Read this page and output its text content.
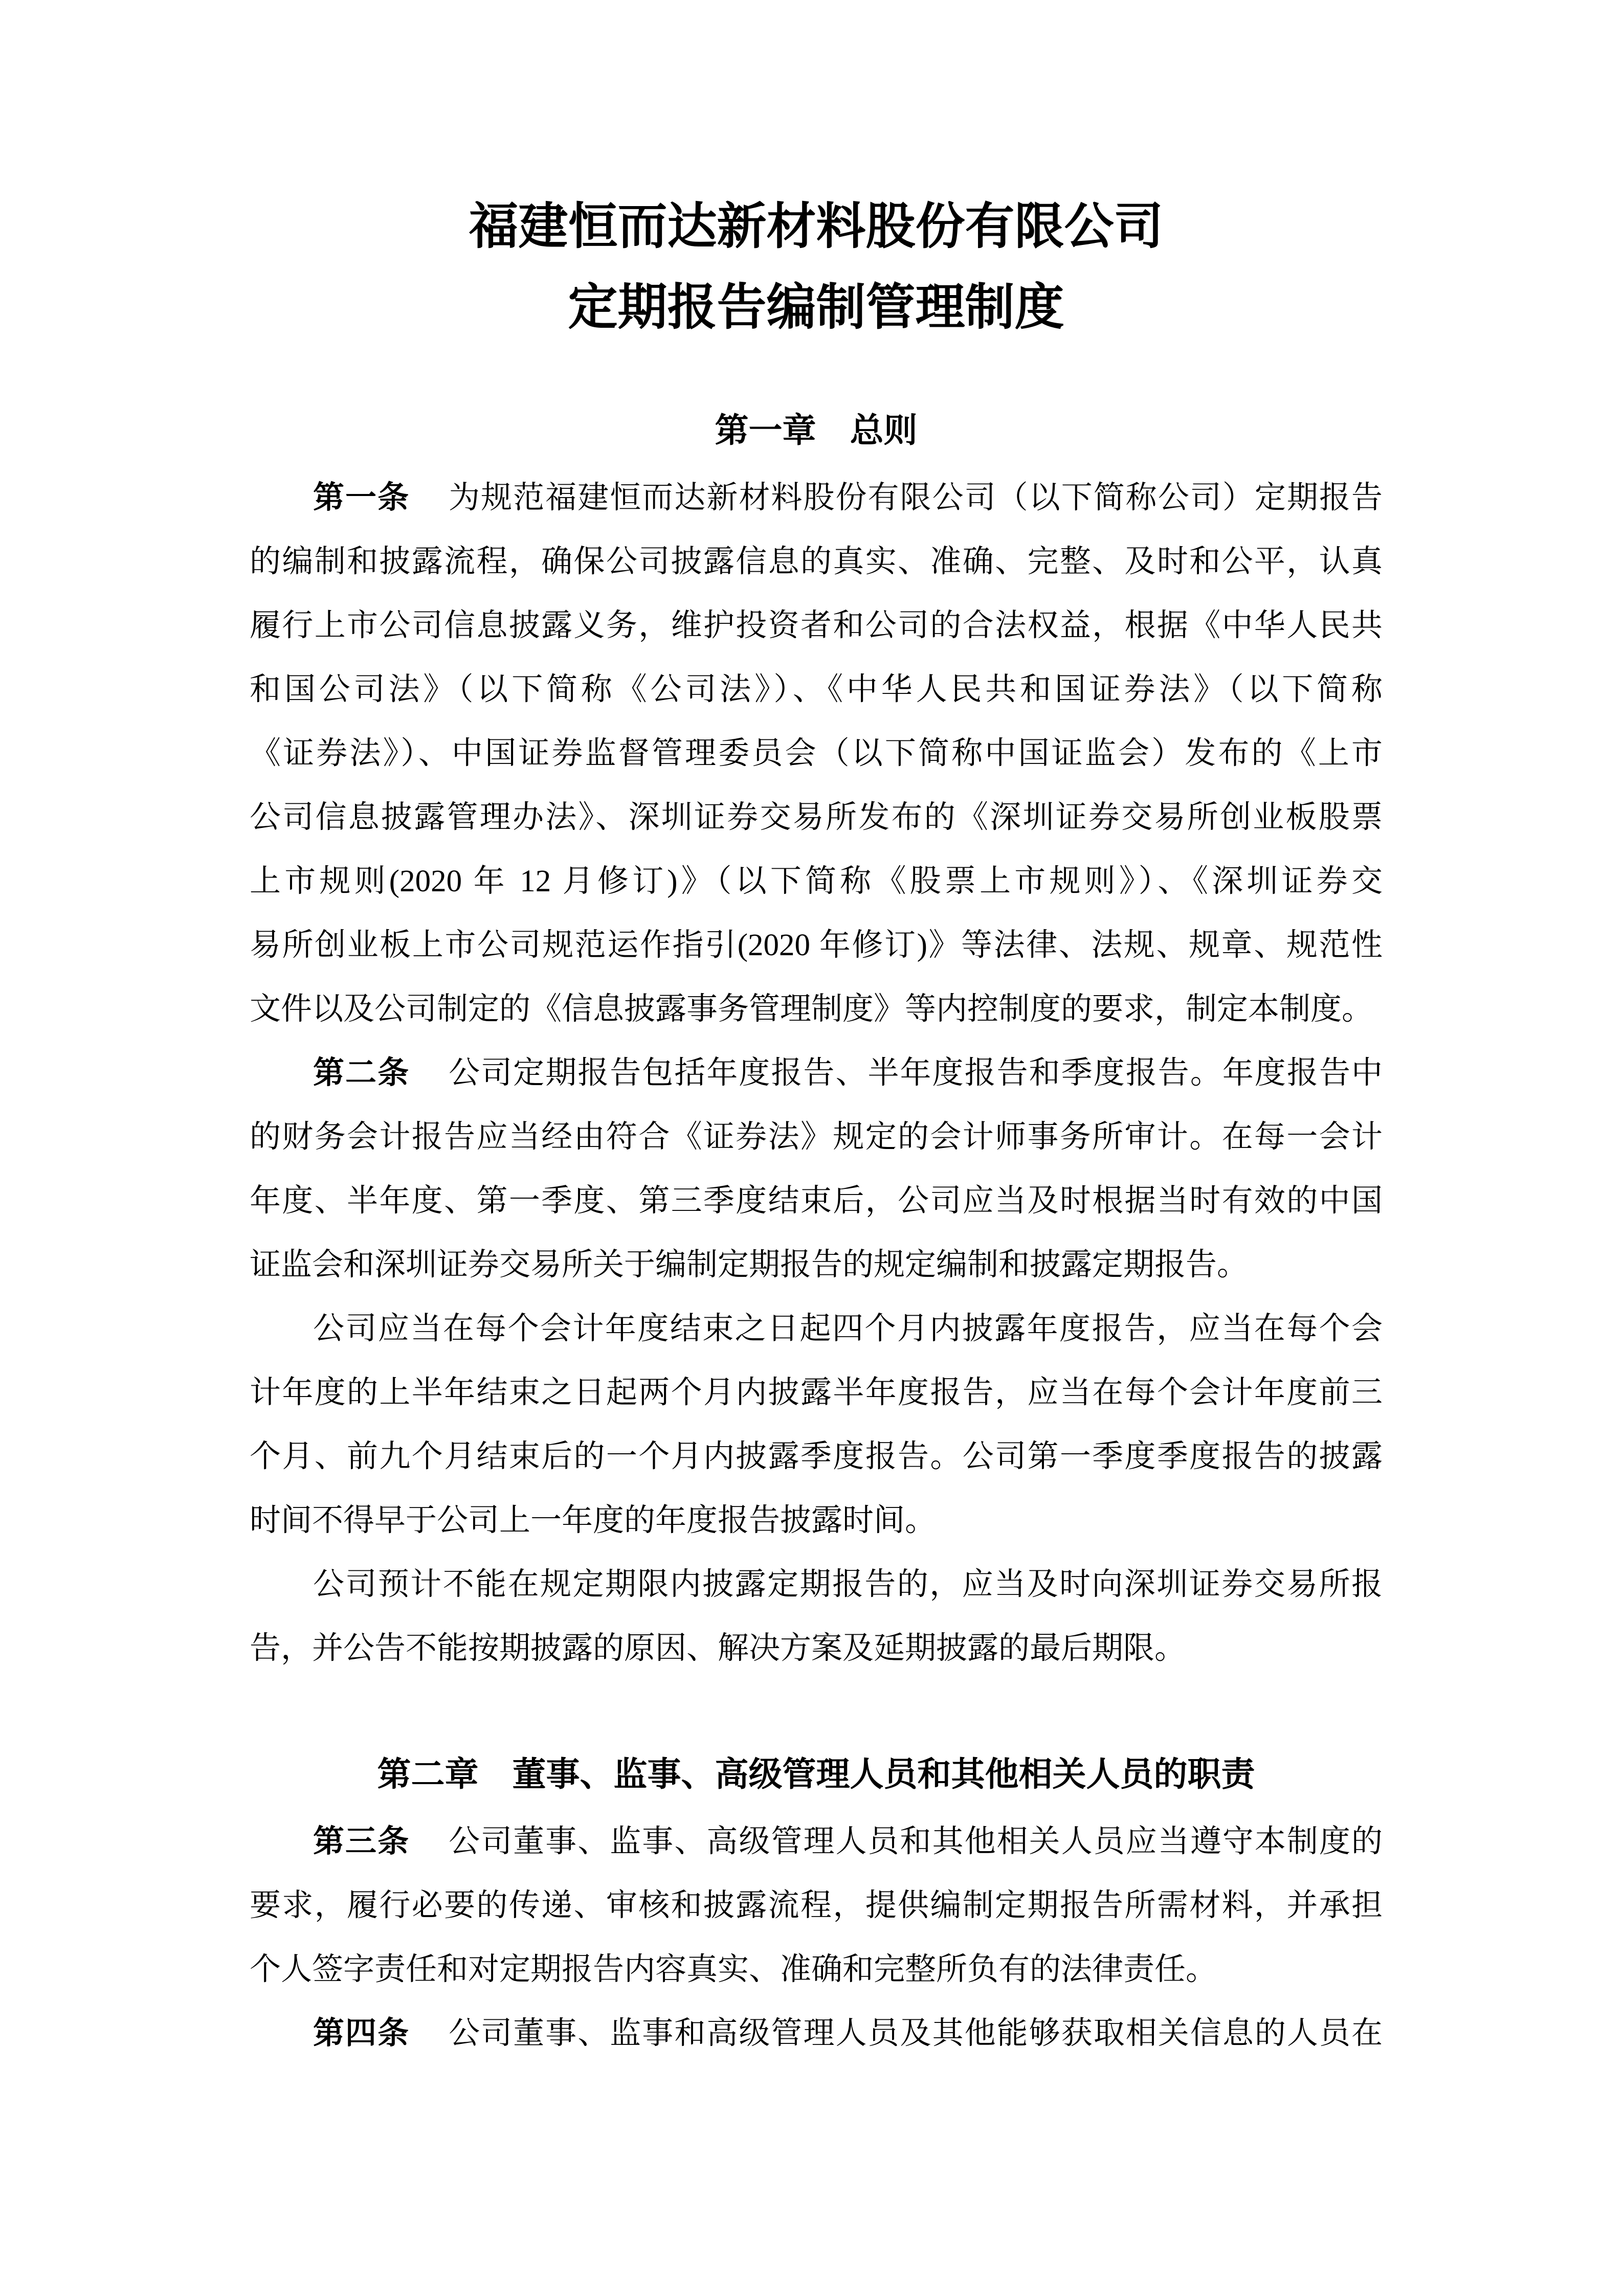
福建恒而达新材料股份有限公司
定期报告编制管理制度
第一章　总则
第一条 为规范福建恒而达新材料股份有限公司（以下简称公司）定期报告
的编制和披露流程，确保公司披露信息的真实、准确、完整、及时和公平，认真
履行上市公司信息披露义务，维护投资者和公司的合法权益，根据《中华人民共
和国公司法》（以下简称《公司法》）、《中华人民共和国证券法》（以下简称
《证券法》）、中国证券监督管理委员会（以下简称中国证监会）发布的《上市
公司信息披露管理办法》、深圳证券交易所发布的《深圳证券交易所创业板股票
上市规则(2020 年 12 月修订)》（以下简称《股票上市规则》）、《深圳证券交
易所创业板上市公司规范运作指引(2020 年修订)》等法律、法规、规章、规范性
文件以及公司制定的《信息披露事务管理制度》等内控制度的要求，制定本制度。
第二条 公司定期报告包括年度报告、半年度报告和季度报告。年度报告中
的财务会计报告应当经由符合《证券法》规定的会计师事务所审计。在每一会计
年度、半年度、第一季度、第三季度结束后，公司应当及时根据当时有效的中国
证监会和深圳证券交易所关于编制定期报告的规定编制和披露定期报告。
公司应当在每个会计年度结束之日起四个月内披露年度报告，应当在每个会
计年度的上半年结束之日起两个月内披露半年度报告，应当在每个会计年度前三
个月、前九个月结束后的一个月内披露季度报告。公司第一季度季度报告的披露
时间不得早于公司上一年度的年度报告披露时间。
公司预计不能在规定期限内披露定期报告的，应当及时向深圳证券交易所报
告，并公告不能按期披露的原因、解决方案及延期披露的最后期限。
第二章　董事、监事、高级管理人员和其他相关人员的职责
第三条 公司董事、监事、高级管理人员和其他相关人员应当遵守本制度的
要求，履行必要的传递、审核和披露流程，提供编制定期报告所需材料，并承担
个人签字责任和对定期报告内容真实、准确和完整所负有的法律责任。
第四条 公司董事、监事和高级管理人员及其他能够获取相关信息的人员在
